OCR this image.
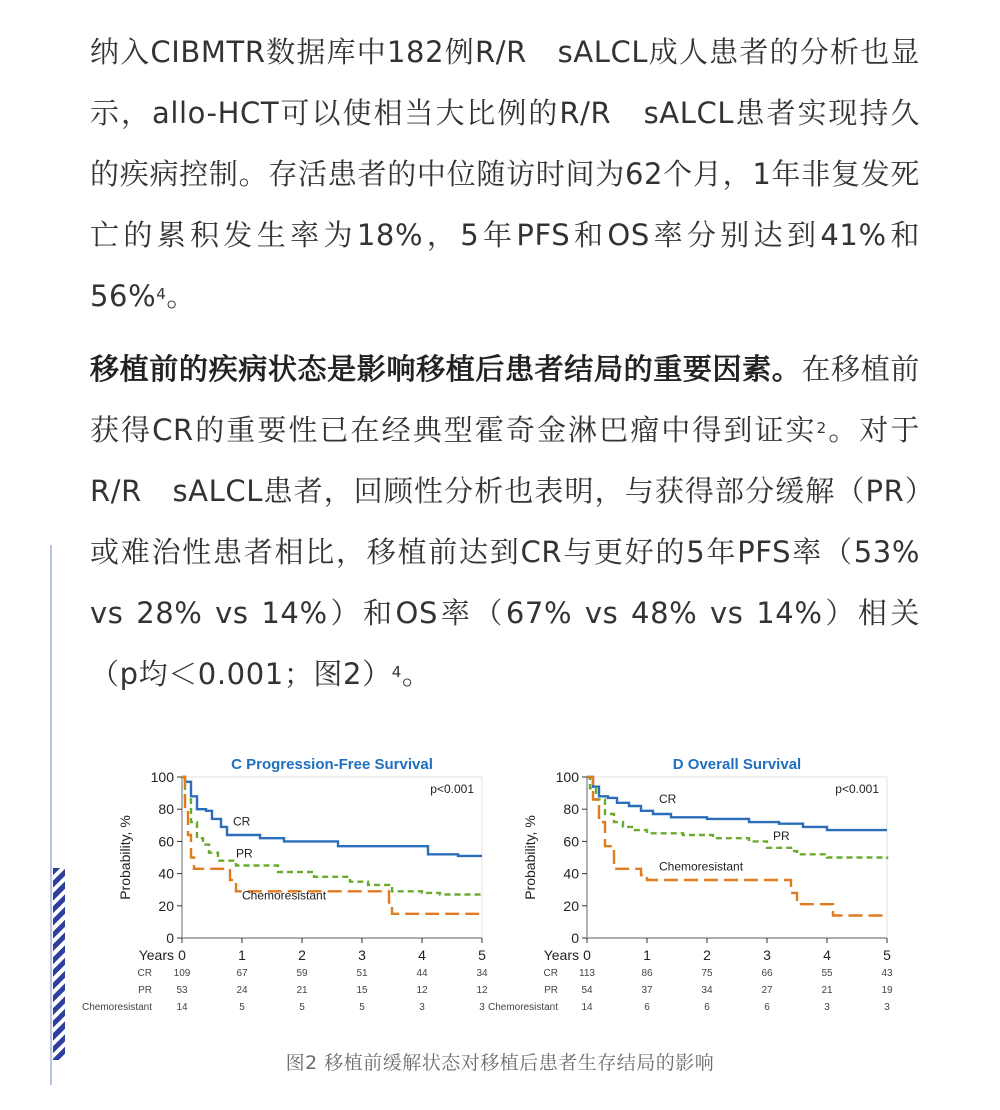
纳入CIBMTR数据库中182例R/R　sALCL成人患者的分析也显示，allo-HCT可以使相当大比例的R/R　sALCL患者实现持久的疾病控制。存活患者的中位随访时间为62个月，1年非复发死亡的累积发生率为18%，5年PFS和OS率分别达到41%和56%$^4$。

移植前的疾病状态是影响移植后患者结局的重要因素。在移植前获得CR的重要性已在经典型霍奇金淋巴瘤中得到证实$^2$。对于R/R　sALCL患者，回顾性分析也表明，与获得部分缓解（PR）或难治性患者相比，移植前达到CR与更好的5年PFS率（53% vs 28% vs 14%）和OS率（67% vs 48% vs 14%）相关（p均＜0.001；图2）$^4$。

C Progression-Free Survival
0
20
40
60
80
100
0	1	2	3	4	5
Years
Probability, %
p<0.001
CR
PR
Chemoresistant
CR 109	67	59	51	44	34
PR 53	24	21	15	12	12
Chemoresistant 14	5	5	5	3	3
D Overall Survival
0
20
40
60
80
100
0	1	2	3	4	5
Years
Probability, %
p<0.001
CR
PR
Chemoresistant
CR 113	86	75	66	55	43
PR 54	37	34	27	21	19
Chemoresistant 14	6	6	6	3	3
图2 移植前缓解状态对移植后患者生存结局的影响
